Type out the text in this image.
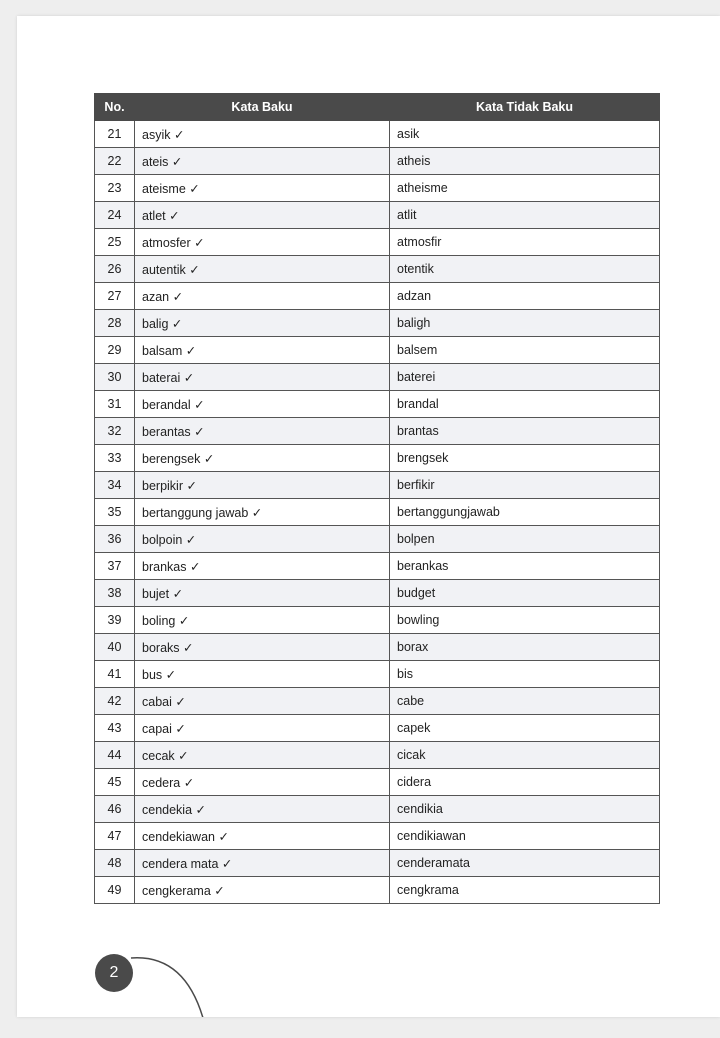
No.	Kata Baku	Kata Tidak Baku
21	asyik ✓	asik
22	ateis ✓	atheis
23	ateisme ✓	atheisme
24	atlet ✓	atlit
25	atmosfer ✓	atmosfir
26	autentik ✓	otentik
27	azan ✓	adzan
28	balig ✓	baligh
29	balsam ✓	balsem
30	baterai ✓	baterei
31	berandal ✓	brandal
32	berantas ✓	brantas
33	berengsek ✓	brengsek
34	berpikir ✓	berfikir
35	bertanggung jawab ✓	bertanggungjawab
36	bolpoin ✓	bolpen
37	brankas ✓	berankas
38	bujet ✓	budget
39	boling ✓	bowling
40	boraks ✓	borax
41	bus ✓	bis
42	cabai ✓	cabe
43	capai ✓	capek
44	cecak ✓	cicak
45	cedera ✓	cidera
46	cendekia ✓	cendikia
47	cendekiawan ✓	cendikiawan
48	cendera mata ✓	cenderamata
49	cengkerama ✓	cengkrama
2
